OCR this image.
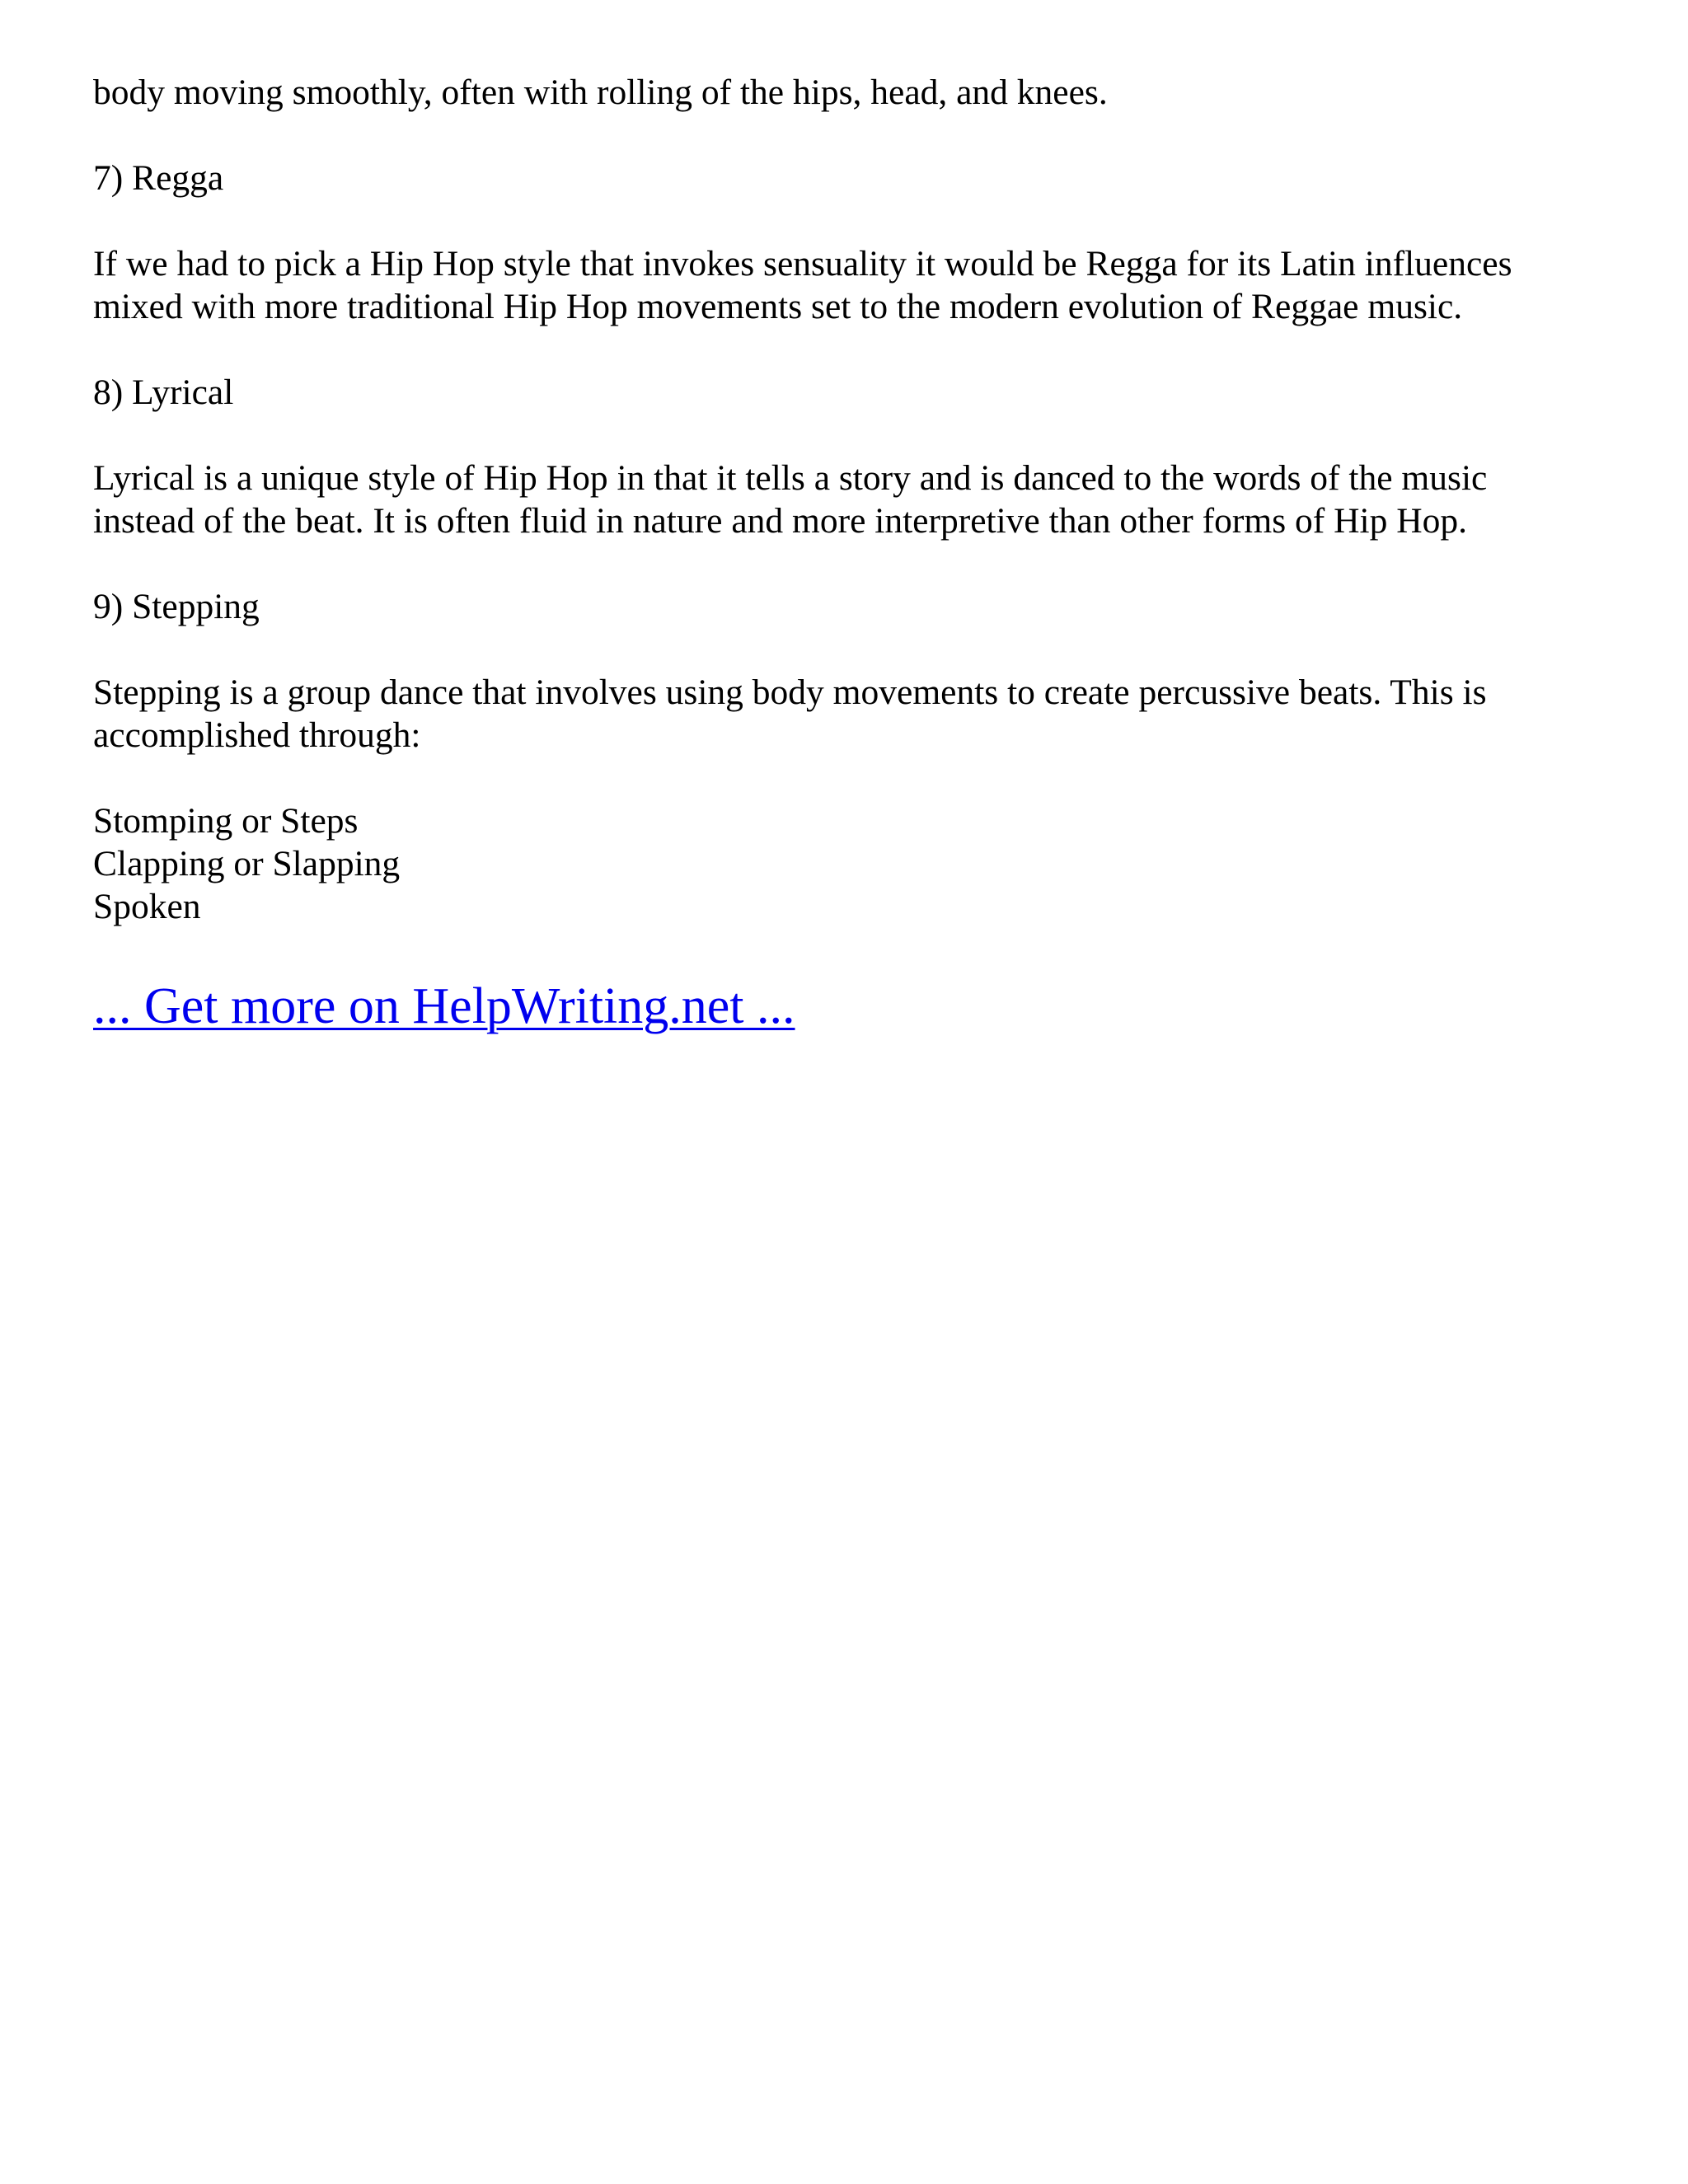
body moving smoothly, often with rolling of the hips, head, and knees.

7) Regga

If we had to pick a Hip Hop style that invokes sensuality it would be Regga for its Latin influences

mixed with more traditional Hip Hop movements set to the modern evolution of Reggae music.

8) Lyrical

Lyrical is a unique style of Hip Hop in that it tells a story and is danced to the words of the music

instead of the beat. It is often fluid in nature and more interpretive than other forms of Hip Hop.

9) Stepping

Stepping is a group dance that involves using body movements to create percussive beats. This is

accomplished through:

Stomping or Steps

Clapping or Slapping

Spoken

... Get more on HelpWriting.net ...
